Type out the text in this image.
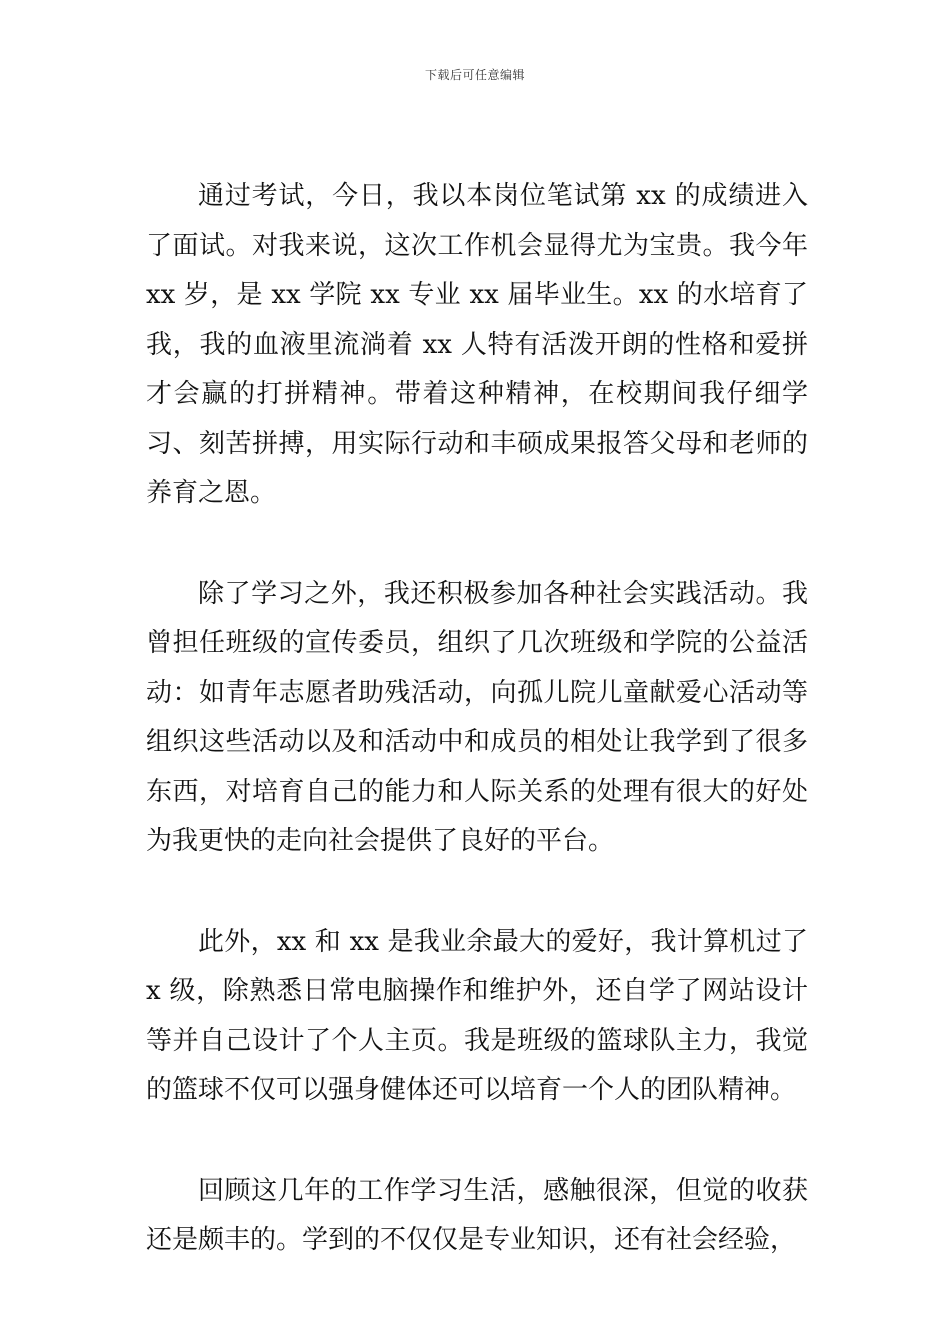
下载后可任意编辑

通过考试，今日，我以本岗位笔试第 xx 的成绩进入了面试。对我来说，这次工作机会显得尤为宝贵。我今年 xx 岁，是 xx 学院 xx 专业 xx 届毕业生。xx 的水培育了我，我的血液里流淌着 xx 人特有活泼开朗的性格和爱拼才会赢的打拼精神。带着这种精神，在校期间我仔细学习、刻苦拼搏，用实际行动和丰硕成果报答父母和老师的养育之恩。

除了学习之外，我还积极参加各种社会实践活动。我曾担任班级的宣传委员，组织了几次班级和学院的公益活动：如青年志愿者助残活动，向孤儿院儿童献爱心活动等组织这些活动以及和活动中和成员的相处让我学到了很多东西，对培育自己的能力和人际关系的处理有很大的好处为我更快的走向社会提供了良好的平台。

此外，xx 和 xx 是我业余最大的爱好，我计算机过了 x 级，除熟悉日常电脑操作和维护外，还自学了网站设计等并自己设计了个人主页。我是班级的篮球队主力，我觉的篮球不仅可以强身健体还可以培育一个人的团队精神。

回顾这几年的工作学习生活，感触很深，但觉的收获还是颇丰的。学到的不仅仅是专业知识，还有社会经验，
